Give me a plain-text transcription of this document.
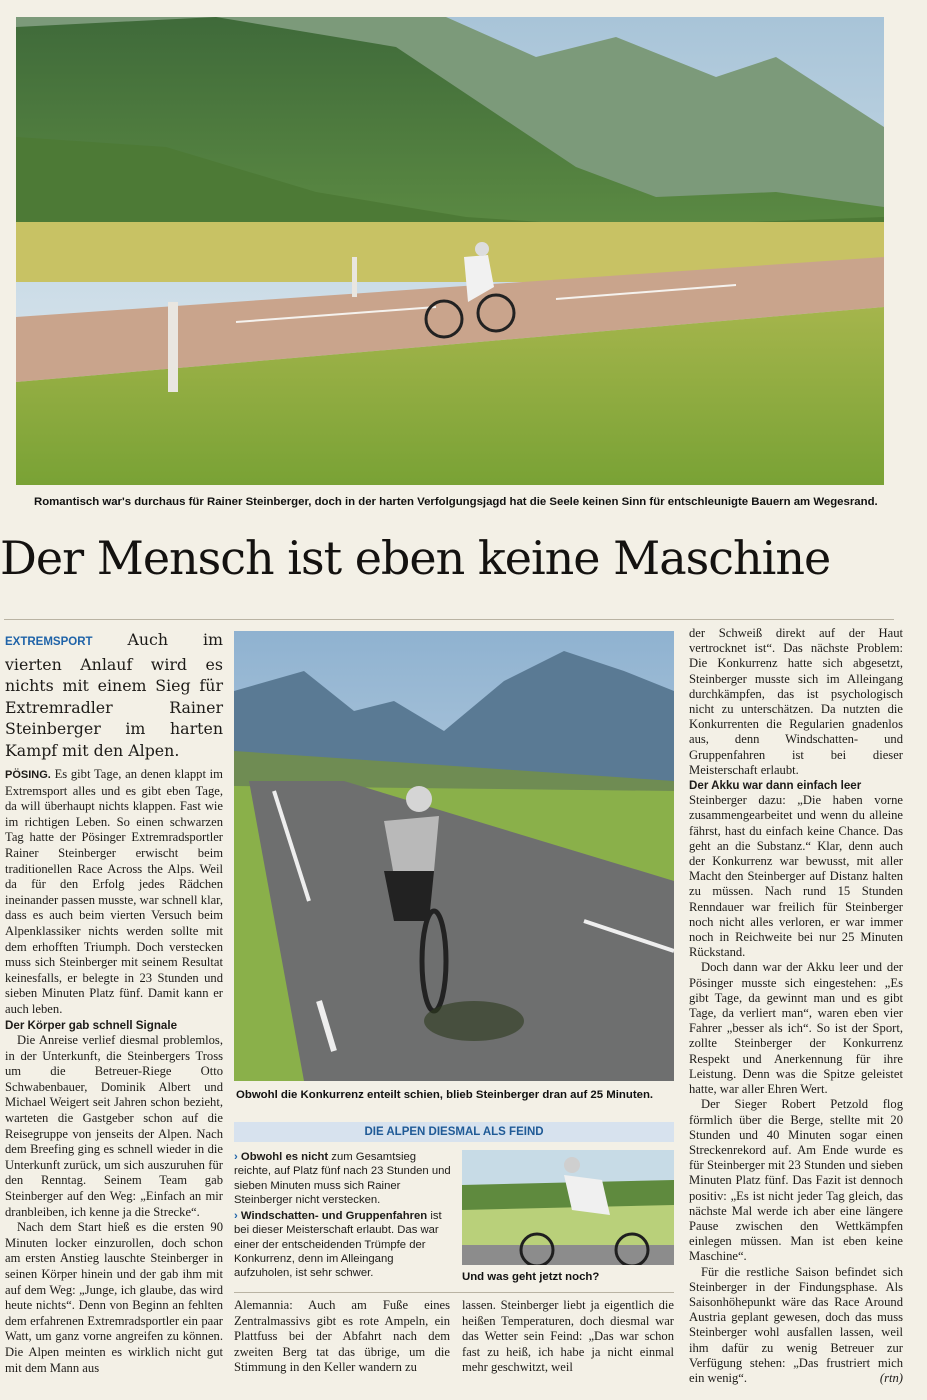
Romantisch war's durchaus für Rainer Steinberger, doch in der harten Verfolgungsjagd hat die Seele keinen Sinn für entschleunigte Bauern am Wegesrand.
Der Mensch ist eben keine Maschine

EXTREMSPORT Auch im vierten Anlauf wird es nichts mit einem Sieg für Extremradler Rainer Steinberger im harten Kampf mit den Alpen.

PÖSING. Es gibt Tage, an denen klappt im Extremsport alles und es gibt eben Tage, da will überhaupt nichts klappen. Fast wie im richtigen Leben. So einen schwarzen Tag hatte der Pösinger Extremradsportler Rainer Steinberger erwischt beim traditionellen Race Across the Alps. Weil da für den Erfolg jedes Rädchen ineinander passen musste, war schnell klar, dass es auch beim vierten Versuch beim Alpenklassiker nichts werden sollte mit dem erhofften Triumph. Doch verstecken muss sich Steinberger mit seinem Resultat keinesfalls, er belegte in 23 Stunden und sieben Minuten Platz fünf. Damit kann er auch leben.

Der Körper gab schnell Signale

Die Anreise verlief diesmal problemlos, in der Unterkunft, die Steinbergers Tross um die Betreuer-Riege Otto Schwabenbauer, Dominik Albert und Michael Weigert seit Jahren schon bezieht, warteten die Gastgeber schon auf die Reisegruppe von jenseits der Alpen. Nach dem Breefing ging es schnell wieder in die Unterkunft zurück, um sich auszuruhen für den Renntag. Seinem Team gab Steinberger auf den Weg: „Einfach an mir dranbleiben, ich kenne ja die Strecke“.

Nach dem Start hieß es die ersten 90 Minuten locker einzurollen, doch schon am ersten Anstieg lauschte Steinberger in seinen Körper hinein und der gab ihm mit auf dem Weg: „Junge, ich glaube, das wird heute nichts“. Denn von Beginn an fehlten dem erfahrenen Extremradsportler ein paar Watt, um ganz vorne angreifen zu können. Die Alpen meinten es wirklich nicht gut mit dem Mann aus

Obwohl die Konkurrenz enteilt schien, blieb Steinberger dran auf 25 Minuten.
DIE ALPEN DIESMAL ALS FEIND
› Obwohl es nicht zum Gesamtsieg reichte, auf Platz fünf nach 23 Stunden und sieben Minuten muss sich Rainer Steinberger nicht verstecken.
› Windschatten- und Gruppenfahren ist bei dieser Meisterschaft erlaubt. Das war einer der entscheidenden Trümpfe der Konkurrenz, denn im Alleingang aufzuholen, ist sehr schwer.	Und was geht jetzt noch?

Alemannia: Auch am Fuße eines Zentralmassivs gibt es rote Ampeln, ein Plattfuss bei der Abfahrt nach dem zweiten Berg tat das übrige, um die Stimmung in den Keller wandern zu

lassen. Steinberger liebt ja eigentlich die heißen Temperaturen, doch diesmal war das Wetter sein Feind: „Das war schon fast zu heiß, ich habe ja nicht einmal mehr geschwitzt, weil

der Schweiß direkt auf der Haut vertrocknet ist“. Das nächste Problem: Die Konkurrenz hatte sich abgesetzt, Steinberger musste sich im Alleingang durchkämpfen, das ist psychologisch nicht zu unterschätzen. Da nutzten die Konkurrenten die Regularien gnadenlos aus, denn Windschatten- und Gruppenfahren ist bei dieser Meisterschaft erlaubt.

Der Akku war dann einfach leer

Steinberger dazu: „Die haben vorne zusammengearbeitet und wenn du alleine fährst, hast du einfach keine Chance. Das geht an die Substanz.“ Klar, denn auch der Konkurrenz war bewusst, mit aller Macht den Steinberger auf Distanz halten zu müssen. Nach rund 15 Stunden Renndauer war freilich für Steinberger noch nicht alles verloren, er war immer noch in Reichweite bei nur 25 Minuten Rückstand.

Doch dann war der Akku leer und der Pösinger musste sich eingestehen: „Es gibt Tage, da gewinnt man und es gibt Tage, da verliert man“, waren eben vier Fahrer „besser als ich“. So ist der Sport, zollte Steinberger der Konkurrenz Respekt und Anerkennung für ihre Leistung. Denn was die Spitze geleistet hatte, war aller Ehren Wert.

Der Sieger Robert Petzold flog förmlich über die Berge, stellte mit 20 Stunden und 40 Minuten sogar einen Streckenrekord auf. Am Ende wurde es für Steinberger mit 23 Stunden und sieben Minuten Platz fünf. Das Fazit ist dennoch positiv: „Es ist nicht jeder Tag gleich, das nächste Mal werde ich aber eine längere Pause zwischen den Wettkämpfen einlegen müssen. Man ist eben keine Maschine“.

Für die restliche Saison befindet sich Steinberger in der Findungsphase. Als Saisonhöhepunkt wäre das Race Around Austria geplant gewesen, doch das muss Steinberger wohl ausfallen lassen, weil ihm dafür zu wenig Betreuer zur Verfügung stehen: „Das frustriert mich ein wenig“.	(rtn)
